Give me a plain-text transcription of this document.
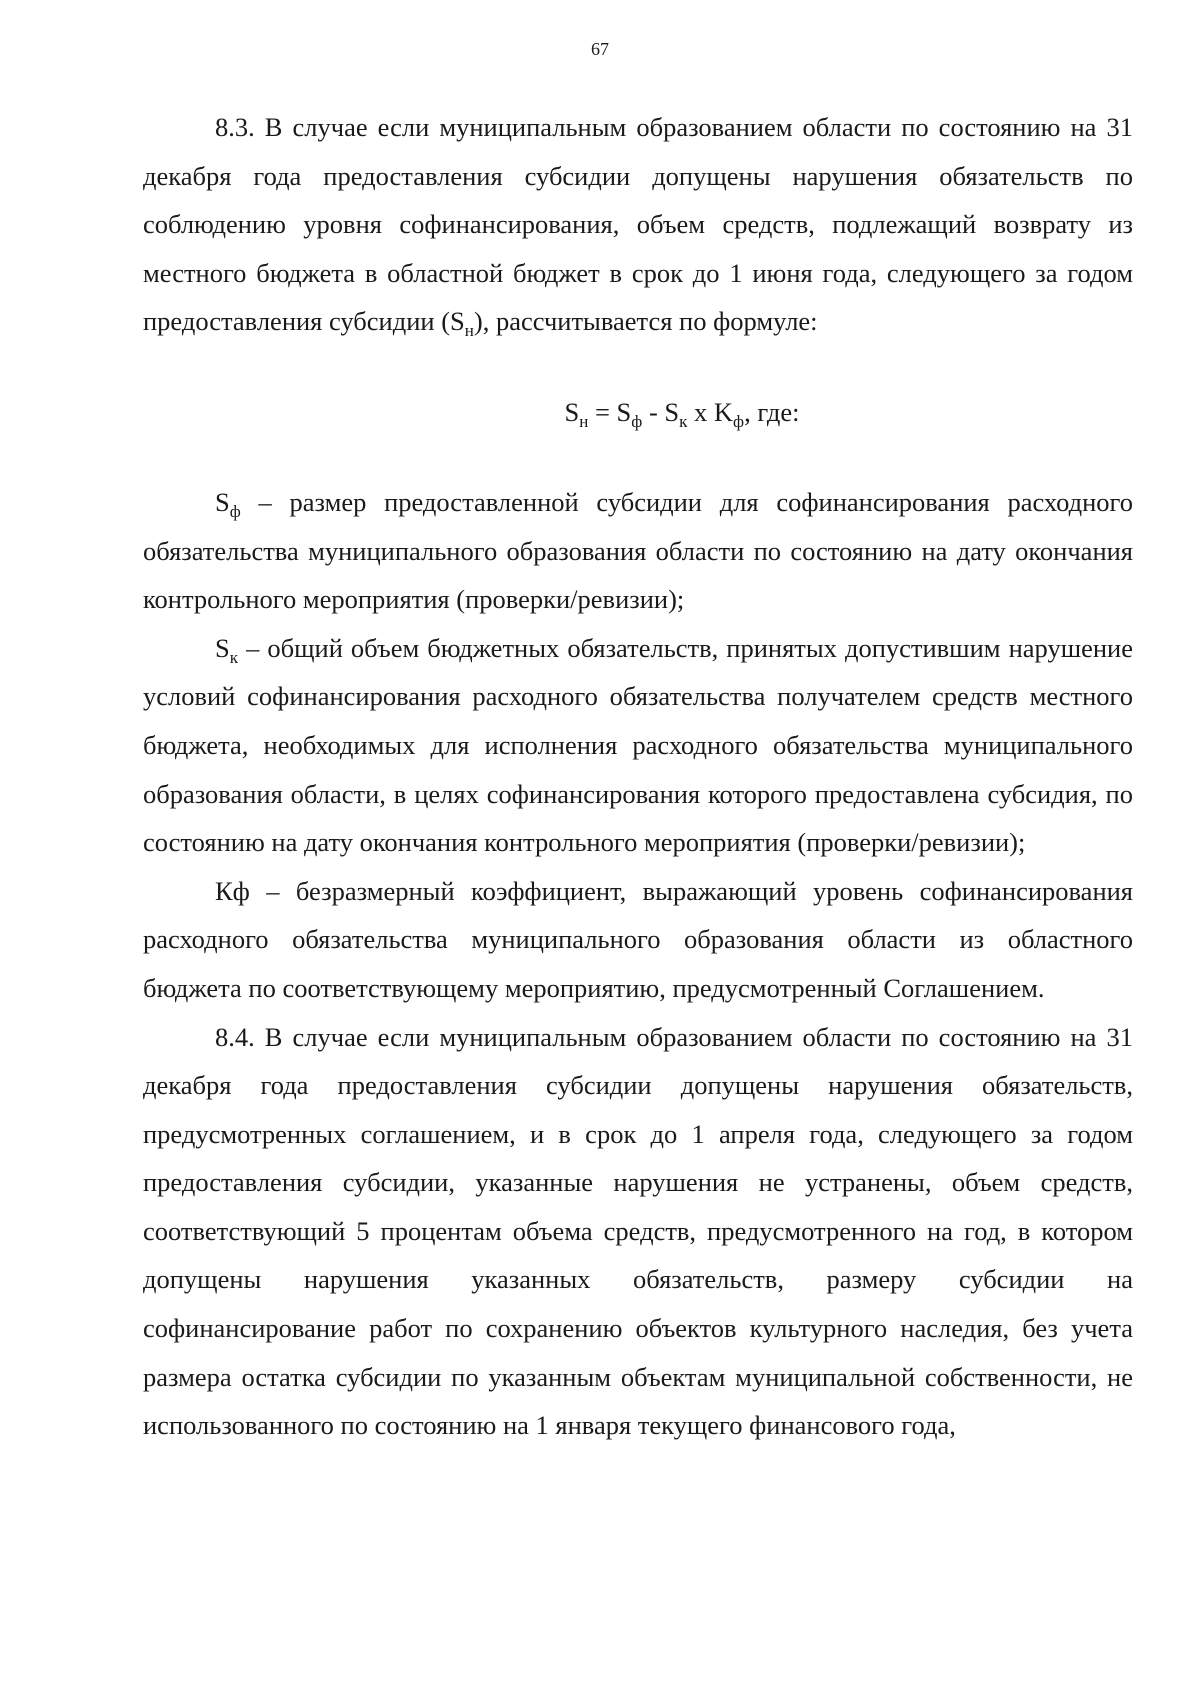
67

8.3. В случае если муниципальным образованием области по состоянию на 31 декабря года предоставления субсидии допущены нарушения обязательств по соблюдению уровня софинансирования, объем средств, подлежащий возврату из местного бюджета в областной бюджет в срок до 1 июня года, следующего за годом предоставления субсидии $(S_н)$, рассчитывается по формуле:

$S_н = S_ф - S_к$ x $K_ф$, где:

$S_ф$ – размер предоставленной субсидии для софинансирования расходного обязательства муниципального образования области по состоянию на дату окончания контрольного мероприятия (проверки/ревизии);

$S_к$ – общий объем бюджетных обязательств, принятых допустившим нарушение условий софинансирования расходного обязательства получателем средств местного бюджета, необходимых для исполнения расходного обязательства муниципального образования области, в целях софинансирования которого предоставлена субсидия, по состоянию на дату окончания контрольного мероприятия (проверки/ревизии);

Кф – безразмерный коэффициент, выражающий уровень софинансирования расходного обязательства муниципального образования области из областного бюджета по соответствующему мероприятию, предусмотренный Соглашением.

8.4. В случае если муниципальным образованием области по состоянию на 31 декабря года предоставления субсидии допущены нарушения обязательств, предусмотренных соглашением, и в срок до 1 апреля года, следующего за годом предоставления субсидии, указанные нарушения не устранены, объем средств, соответствующий 5 процентам объема средств, предусмотренного на год, в котором допущены нарушения указанных обязательств, размеру субсидии на софинансирование работ по сохранению объектов культурного наследия, без учета размера остатка субсидии по указанным объектам муниципальной собственности, не использованного по состоянию на 1 января текущего финансового года,
